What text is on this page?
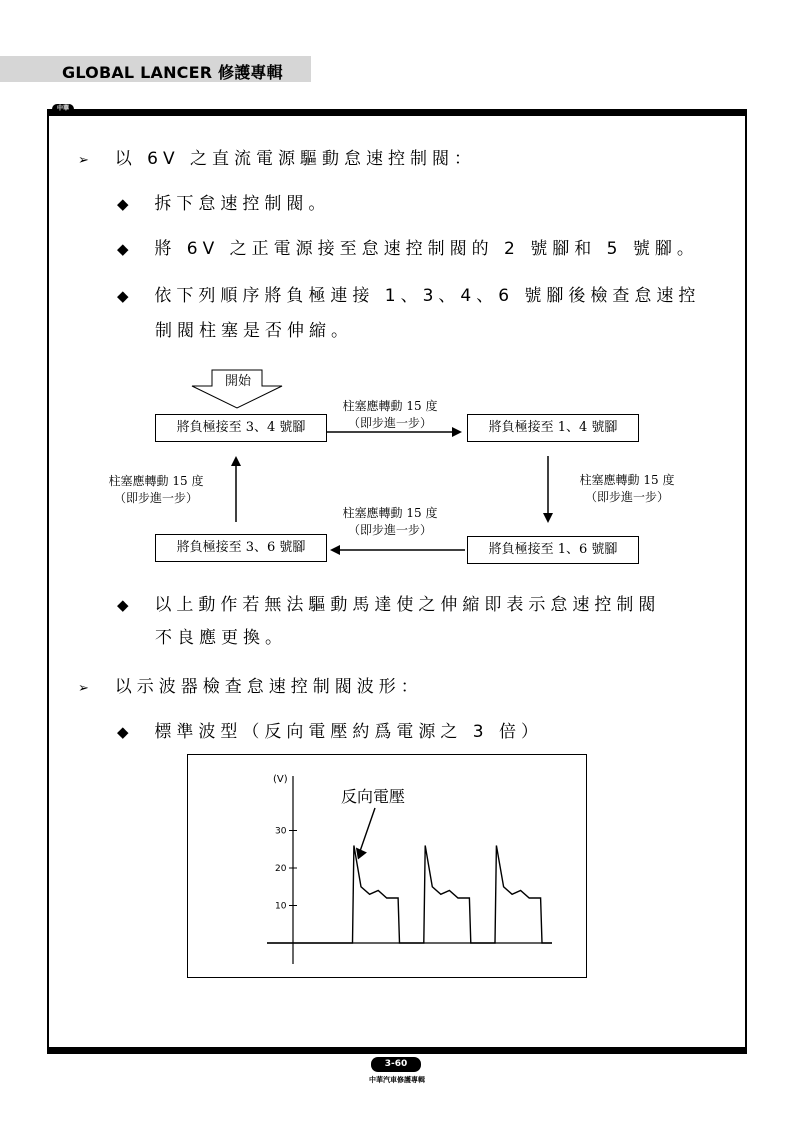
GLOBAL LANCER 修護專輯
中華
➢ 以 6V 之直流電源驅動怠速控制閥：
◆ 拆下怠速控制閥。
◆ 將 6V 之正電源接至怠速控制閥的 2 號腳和 5 號腳。
◆ 依下列順序將負極連接 1、3、4、6 號腳後檢查怠速控
制閥柱塞是否伸縮。
開始
將負極接至 3、4 號腳	將負極接至 1、4 號腳
將負極接至 1、6 號腳
將負極接至 3、6 號腳
柱塞應轉動 15 度
（即步進一步）
柱塞應轉動 15 度
（即步進一步）
柱塞應轉動 15 度
（即步進一步）
柱塞應轉動 15 度
（即步進一步）
◆ 以上動作若無法驅動馬達使之伸縮即表示怠速控制閥
不良應更換。
➢ 以示波器檢查怠速控制閥波形：
◆ 標準波型（反向電壓約爲電源之 3 倍）
10
20
30
(V)
反向電壓
3-60
中華汽車修護專輯
